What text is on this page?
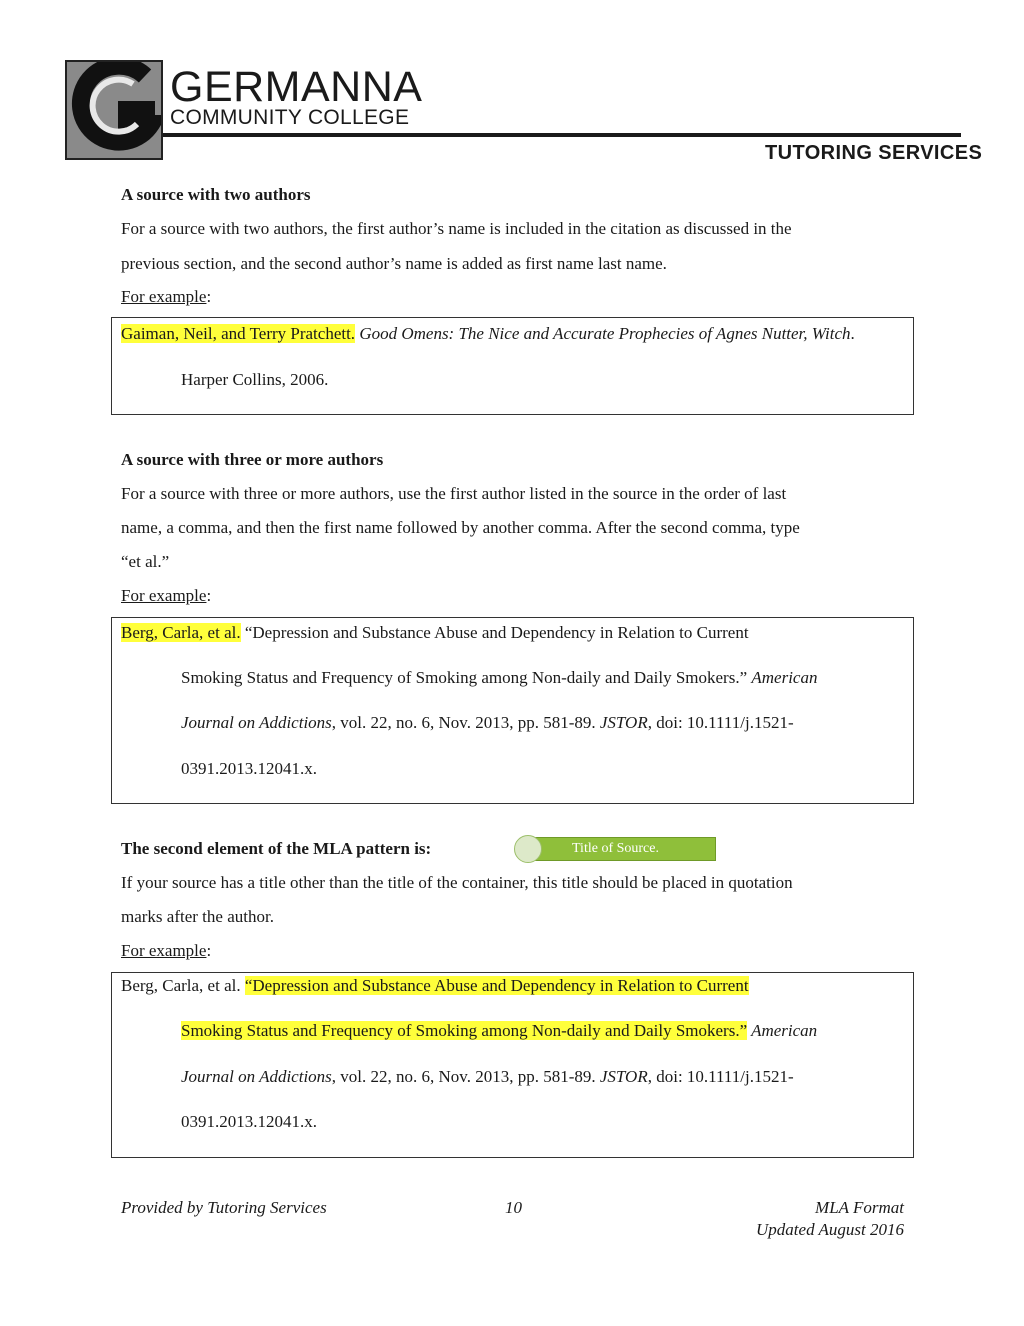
GERMANNA
COMMUNITY COLLEGE
TUTORING SERVICES
A source with two authors
For a source with two authors, the first author’s name is included in the citation as discussed in the
previous section, and the second author’s name is added as first name last name.
For example:
Gaiman, Neil, and Terry Pratchett. Good Omens: The Nice and Accurate Prophecies of Agnes Nutter, Witch.
Harper Collins, 2006.
A source with three or more authors
For a source with three or more authors, use the first author listed in the source in the order of last
name, a comma, and then the first name followed by another comma. After the second comma, type
“et al.”
For example:
Berg, Carla, et al. “Depression and Substance Abuse and Dependency in Relation to Current
Smoking Status and Frequency of Smoking among Non-daily and Daily Smokers.” American
Journal on Addictions, vol. 22, no. 6, Nov. 2013, pp. 581-89. JSTOR, doi: 10.1111/j.1521-
0391.2013.12041.x.
The second element of the MLA pattern is:	Title of Source.
If your source has a title other than the title of the container, this title should be placed in quotation
marks after the author.
For example:
Berg, Carla, et al. “Depression and Substance Abuse and Dependency in Relation to Current
Smoking Status and Frequency of Smoking among Non-daily and Daily Smokers.” American
Journal on Addictions, vol. 22, no. 6, Nov. 2013, pp. 581-89. JSTOR, doi: 10.1111/j.1521-
0391.2013.12041.x.
Provided by Tutoring Services	10	MLA Format
Updated August 2016
